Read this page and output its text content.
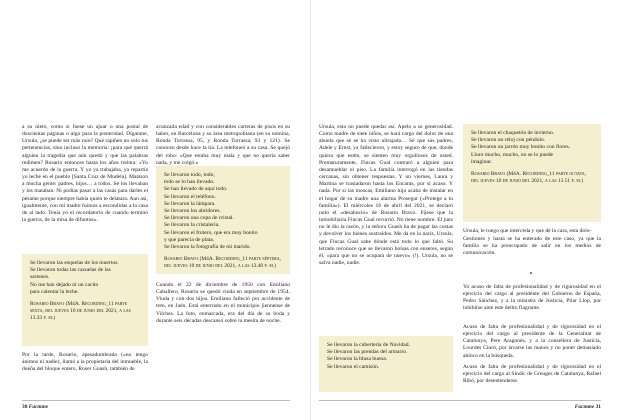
a su nieto, como si fuese un ajuar o una postal de doscientas páginas o algo para la posteridad. Díganme, Ursula, ¿se puede ser más ruin? Qué rapiñen no solo tus pertenencias, sino incluso la memoria: ¡para qué querrá alguien la tragedia que aún quedó y que las palabras redimen? Rosario entonces hasta los años treinta: «Yo me acuerdo de la guerra. Y yo ya trabajaba, ya repartía yo leche en el pueblo [Santa Cruz de Mudela]. Mataron a mucha gente: padres, hijos… a todos. Se los llevaban y los mataban. Ni podías pasar a las casas para darles el pésame porque siempre había quien te delatara. Aun así, igualmente, con mi madre fuimos a escondidas a la casa de al lado. Tenía yo el recordatorio de cuando terminó la guerra, de la misa de difuntos».

Se llevaron las esquelas de los muertos.

Se llevaron todas las cazuelas de las

sartenes.

No me han dejado ni un cacito

para calentar la leche.

Rosario Bravo (M4A. Recording_11 parte sexta, del jueves 10 de junio del 2021, a las 13.33 p. m.)

Por la tarde, Rosario, apesadumbrada («no tengo ánimos ni nadie), llamó a la propietaria del inmueble, la dueña del bloque entero, Roser Guash, también de

avanzada edad y con considerables carteras de pisos en su haber, en Barcelona y su área metropolitana (en su nómina, Ronda Torrassa, 95, y Ronda Torrassa, 93 y 121). Se conocen desde hace la tía. La telefoneó a su casa. Se quejó del robo: «Que estaba muy mala y que no quería saber nada, y me colgó.»

Se llevaron todo, todo,

todo se lo han llevado.

Se han llevado de aquí todo.

Se llevaron el teléfono.

Se llevaron la lámpara.

Se llevaron los abridores.

Se llevaron una copa de cristal.

Se llevaron la cristalería.

Se llevaron el frutero, que era muy bonito

y que parecía de plata.

Se llevaron la fotografía de mi marido.

Rosario Bravo (M4A. Recording_11 parte séptima, del jueves 10 de junio del 2021, a las 13.40 p. m.)

Cuando el 22 de diciembre de 1950 con Emiliano Caballero, Rosario se quedó viuda en septiembre de 1954. Viuda y con dos hijos. Emiliano falleció por accidente de tren, en Jaén. Está enterrado en el municipio jiennense de Vilches. La foto, enmarcada, era del día de su boda y durante seis décadas descansó sobre la mesita de noche.

30 Facmme

Ursula, esto no puede quedar así. Apelo a su generosidad. Como madre de siete niños, se hará cargo del dolor de una abuela que sé se ha visto ultrajada… Sé que sus padres, Adele y Ernst, ya fallecieron, y estoy seguro de que, donde quiera que estén, se sienten muy orgullosos de usted. Prematuramente, Fincas Gual contrató a alguien para desamueblar el piso. La familia interrogó en las tiendas cercanas, sin obtener respuestas. Y un viernes, Laura y Martina se trasladaron hasta los Encants, por si acaso. Y nada. Por si las moscas, Emiliano hijo acaba de instalar en el hogar de su madre una alarma Prosegur («Protege a tu familia»). El miércoles 16 de abril del 2021, se declaró nulo el «desahucio» de Rosario Bravo. Fíjese que la inmobiliaria Fincas Gual recurrió. No tiene nombre. El juez no le dio la razón, y la señora Guash ha de pagar las costas y devolver los bienes sustraídos. Me da en la nariz, Ursula, que Fincas Gual sabe dónde está todo lo que faltó. Su letrado reconoce que se llevaron bolsas con enseres, según él, «para que no se ocupara de nuevo» (!). Ursula, no se salva nadie, nadie.

Se llevaron la cubertería de Navidad.

Se llevaron las prendas del armario.

Se llevaron la blusa buena.

Se llevaron el camisón.

Se llevaron el chaquetón de invierno.

Se llevaron un reloj con péndulo.

Se llevaron un jarrón muy bonito con flores.

Lloro mucho, mucho, no se lo puede

imaginar.

Rosario Bravo (M4A. Recording_11 parte octava, del jueves 10 de junio del 2021, a las 13.51 p. m.)

Ursula, le ruego que interceda y que dé la cara, esta dolo-

Gestiones y hasta se ha enterado de este caso, ya que la familia se ha preocupado de salir en los medios de comunicación.

Yo acuso de falta de profesionalidad y de rigurosidad en el ejercicio del cargo al presidente del Gobierno de España, Pedro Sánchez, y a la ministra de Justicia, Pilar Llop, por inhibirse ante este delito flagrante.

Acuso de falta de profesionalidad y de rigurosidad en el ejercicio del cargo al presidente de la Generalitat de Catalunya, Pere Aragonès, y a la consellera de Justícia, Lourdes Ciuró, por lavarse las manos y no poner demasiado ahínco en la búsqueda.

Acuso de falta de profesionalidad y de rigurosidad en el ejercicio del cargo al Síndic de Greuges de Catalunya, Rafael Ribó, por desentenderse.

Facmme 31
